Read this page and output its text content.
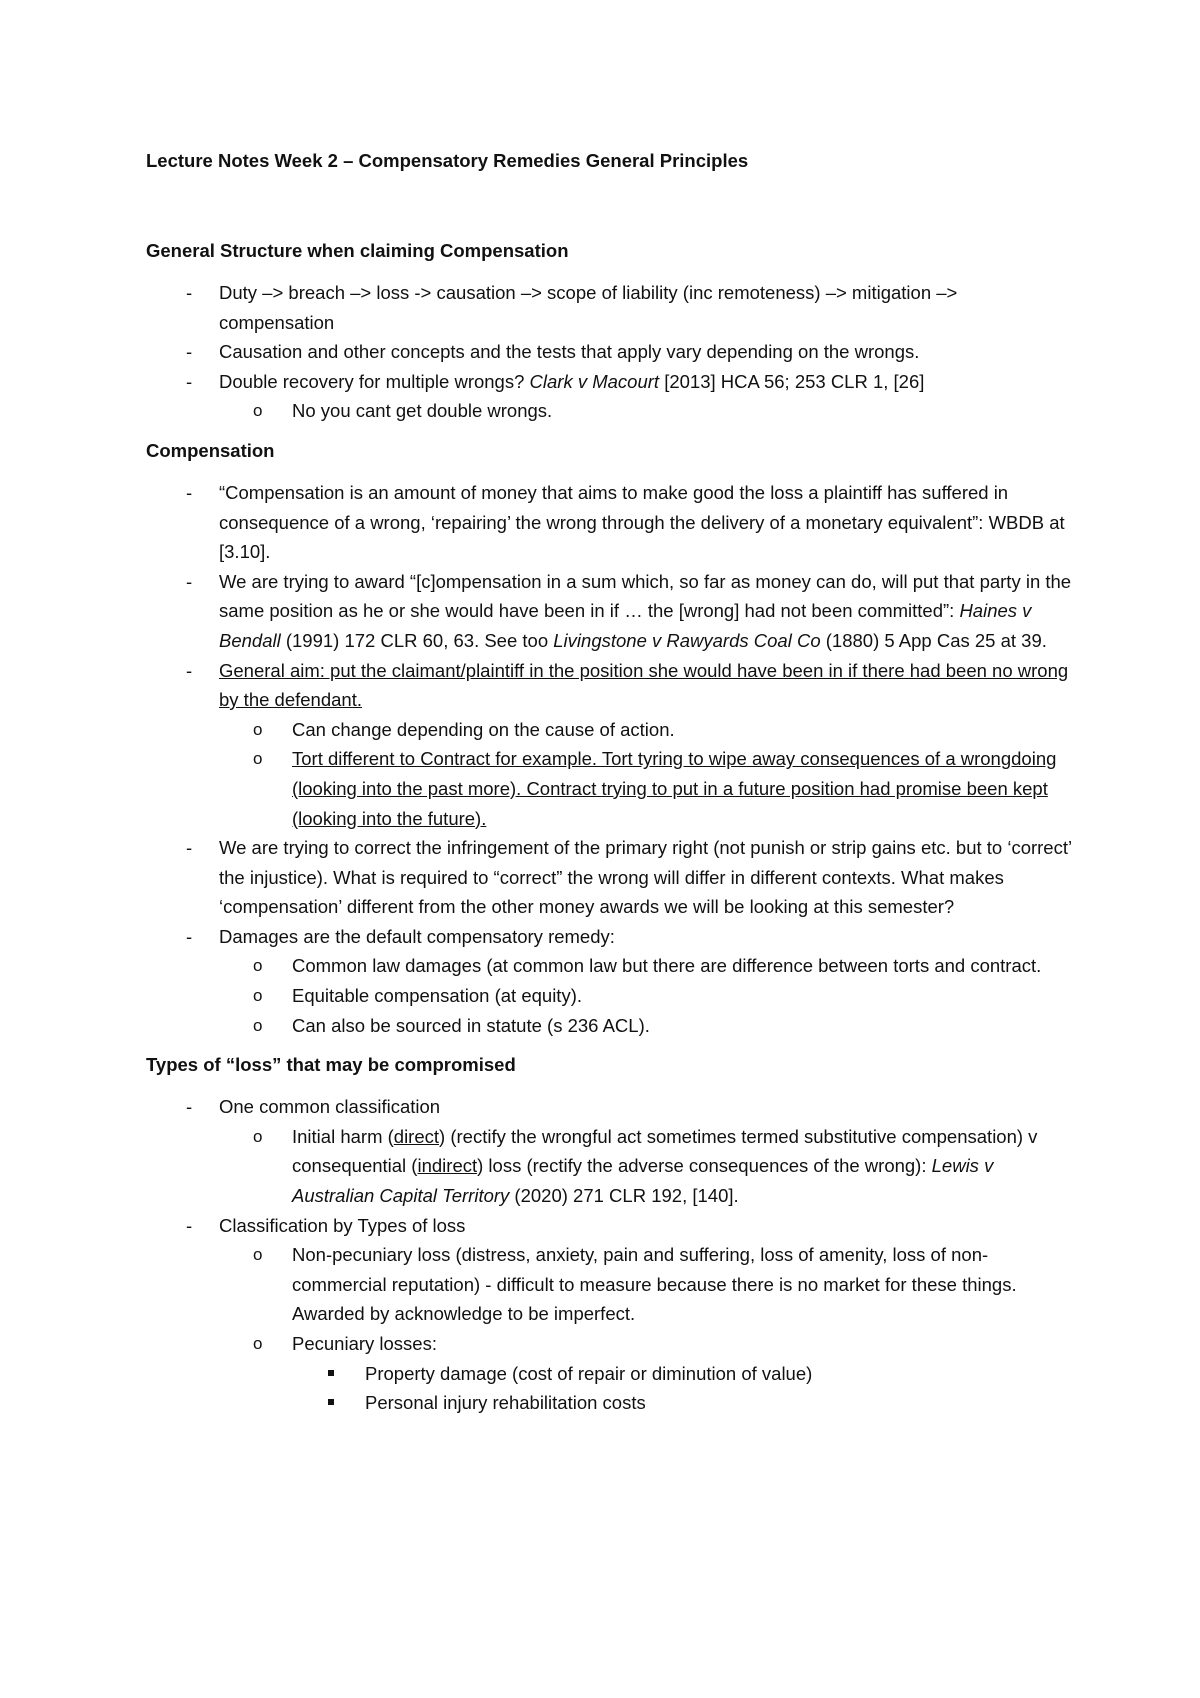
Lecture Notes Week 2 – Compensatory Remedies General Principles

General Structure when claiming Compensation

- Duty –> breach –> loss -> causation –> scope of liability (inc remoteness) –> mitigation –> compensation
- Causation and other concepts and the tests that apply vary depending on the wrongs.
- Double recovery for multiple wrongs? Clark v Macourt [2013] HCA 56; 253 CLR 1, [26]
o No you cant get double wrongs.

Compensation

- “Compensation is an amount of money that aims to make good the loss a plaintiff has suffered in consequence of a wrong, ‘repairing’ the wrong through the delivery of a monetary equivalent”: WBDB at [3.10].
- We are trying to award “[c]ompensation in a sum which, so far as money can do, will put that party in the same position as he or she would have been in if … the [wrong] had not been committed”: Haines v Bendall (1991) 172 CLR 60, 63. See too Livingstone v Rawyards Coal Co (1880) 5 App Cas 25 at 39.
- General aim: put the claimant/plaintiff in the position she would have been in if there had been no wrong by the defendant.
o Can change depending on the cause of action.
o Tort different to Contract for example. Tort tyring to wipe away consequences of a wrongdoing (looking into the past more). Contract trying to put in a future position had promise been kept (looking into the future).
- We are trying to correct the infringement of the primary right (not punish or strip gains etc. but to ‘correct’ the injustice). What is required to “correct” the wrong will differ in different contexts. What makes ‘compensation’ different from the other money awards we will be looking at this semester?
- Damages are the default compensatory remedy:
o Common law damages (at common law but there are difference between torts and contract.
o Equitable compensation (at equity).
o Can also be sourced in statute (s 236 ACL).

Types of “loss” that may be compromised

- One common classification
o Initial harm (direct) (rectify the wrongful act sometimes termed substitutive compensation) v consequential (indirect) loss (rectify the adverse consequences of the wrong): Lewis v Australian Capital Territory (2020) 271 CLR 192, [140].
- Classification by Types of loss
o Non-pecuniary loss (distress, anxiety, pain and suffering, loss of amenity, loss of non-commercial reputation) - difficult to measure because there is no market for these things. Awarded by acknowledge to be imperfect.
o Pecuniary losses:
Property damage (cost of repair or diminution of value)
Personal injury rehabilitation costs
